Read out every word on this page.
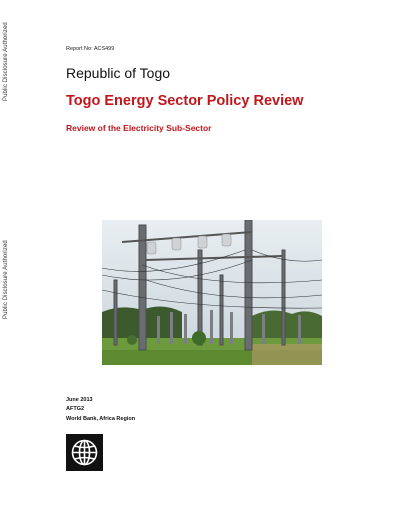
Public Disclosure Authorized
Public Disclosure Authorized
Report No: ACS499
Republic of Togo
Togo Energy Sector Policy Review
Review of the Electricity Sub-Sector
June 2013
AFTG2
World Bank, Africa Region
